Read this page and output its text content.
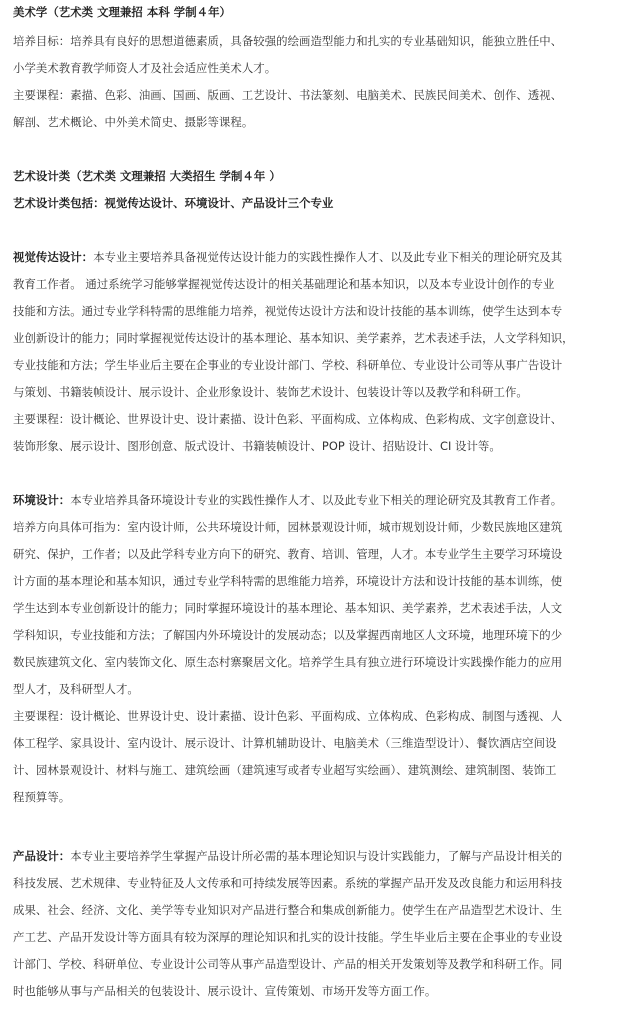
美术学（艺术类 文理兼招 本科 学制４年）
培养目标：培养具有良好的思想道德素质，具备较强的绘画造型能力和扎实的专业基础知识，能独立胜任中、
小学美术教育教学师资人才及社会适应性美术人才。
主要课程：素描、色彩、油画、国画、版画、工艺设计、书法篆刻、电脑美术、民族民间美术、创作、透视、
解剖、艺术概论、中外美术简史、摄影等课程。
艺术设计类（艺术类 文理兼招 大类招生 学制４年 ）
艺术设计类包括：视觉传达设计、环境设计、产品设计三个专业
视觉传达设计：本专业主要培养具备视觉传达设计能力的实践性操作人才、以及此专业下相关的理论研究及其
教育工作者。 通过系统学习能够掌握视觉传达设计的相关基础理论和基本知识，以及本专业设计创作的专业
技能和方法。通过专业学科特需的思维能力培养，视觉传达设计方法和设计技能的基本训练，使学生达到本专
业创新设计的能力；同时掌握视觉传达设计的基本理论、基本知识、美学素养，艺术表述手法，人文学科知识，
专业技能和方法；学生毕业后主要在企事业的专业设计部门、学校、科研单位、专业设计公司等从事广告设计
与策划、书籍装帧设计、展示设计、企业形象设计、装饰艺术设计、包装设计等以及教学和科研工作。
主要课程：设计概论、世界设计史、设计素描、设计色彩、平面构成、立体构成、色彩构成、文字创意设计、
装饰形象、展示设计、图形创意、版式设计、书籍装帧设计、POP 设计、招贴设计、CI 设计等。
环境设计：本专业培养具备环境设计专业的实践性操作人才、以及此专业下相关的理论研究及其教育工作者。
培养方向具体可指为：室内设计师，公共环境设计师，园林景观设计师，城市规划设计师，少数民族地区建筑
研究、保护，工作者；以及此学科专业方向下的研究、教育、培训、管理，人才。本专业学生主要学习环境设
计方面的基本理论和基本知识，通过专业学科特需的思维能力培养，环境设计方法和设计技能的基本训练，使
学生达到本专业创新设计的能力；同时掌握环境设计的基本理论、基本知识、美学素养，艺术表述手法，人文
学科知识，专业技能和方法；了解国内外环境设计的发展动态；以及掌握西南地区人文环境，地理环境下的少
数民族建筑文化、室内装饰文化、原生态村寨聚居文化。培养学生具有独立进行环境设计实践操作能力的应用
型人才，及科研型人才。
主要课程：设计概论、世界设计史、设计素描、设计色彩、平面构成、立体构成、色彩构成、制图与透视、人
体工程学、家具设计、室内设计、展示设计、计算机辅助设计、电脑美术（三维造型设计）、餐饮酒店空间设
计、园林景观设计、材料与施工、建筑绘画（建筑速写或者专业超写实绘画）、建筑测绘、建筑制图、装饰工
程预算等。
产品设计：本专业主要培养学生掌握产品设计所必需的基本理论知识与设计实践能力，了解与产品设计相关的
科技发展、艺术规律、专业特征及人文传承和可持续发展等因素。系统的掌握产品开发及改良能力和运用科技
成果、社会、经济、文化、美学等专业知识对产品进行整合和集成创新能力。使学生在产品造型艺术设计、生
产工艺、产品开发设计等方面具有较为深厚的理论知识和扎实的设计技能。学生毕业后主要在企事业的专业设
计部门、学校、科研单位、专业设计公司等从事产品造型设计、产品的相关开发策划等及教学和科研工作。同
时也能够从事与产品相关的包装设计、展示设计、宣传策划、市场开发等方面工作。
